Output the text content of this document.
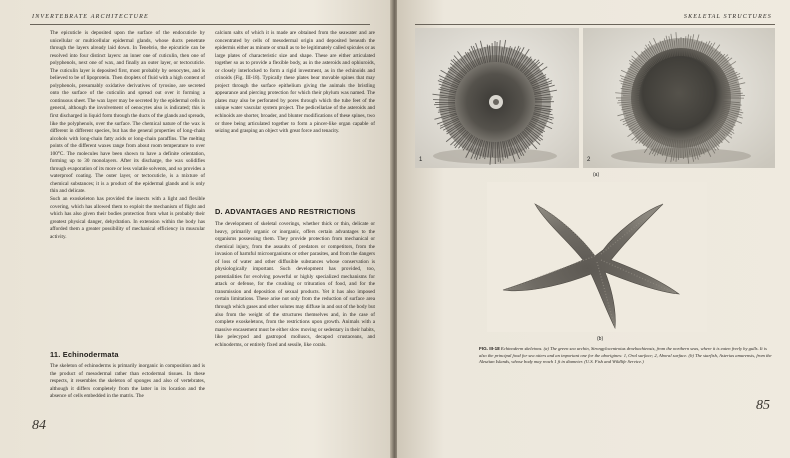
INVERTEBRATE ARCHITECTURE
The epicuticle is deposited upon the surface of the endocuticle by unicellular or multicellular epidermal glands, whose ducts penetrate through the layers already laid down. In Tenebrio, the epicuticle can be resolved into four distinct layers: an inner one of cuticulin, then one of polyphenols, next one of wax, and finally an outer layer, or tectocuticle. The cuticulin layer is deposited first, most probably by oenocytes, and is believed to be of lipoprotein. Then droplets of fluid with a high content of polyphenols, presumably oxidative derivatives of tyrosine, are secreted onto the surface of the cuticulin and spread out over it forming a continuous sheet. The wax layer may be secreted by the epidermal cells in general, although the involvement of oenocytes also is indicated; this is first discharged in liquid form through the ducts of the glands and spreads, like the polyphenols, over the surface. The chemical nature of the wax is different in different species, but has the general properties of long-chain alcohols with long-chain fatty acids or long-chain paraffins. The melting points of the different waxes range from about room temperature to over 100°C. The molecules have been shown to have a definite orientation, forming up to 30 monolayers. After its discharge, the wax solidifies through evaporation of its more or less volatile solvents, and so provides a waterproof coating. The outer layer, or tectocuticle, is a mixture of chemical substances; it is a product of the epidermal glands and is only thin and delicate.
Such an exoskeleton has provided the insects with a light and flexible covering, which has allowed them to exploit the mechanism of flight and which has also given their bodies protection from what is probably their greatest physical danger, dehydration. In extension within the body has afforded them a greater possibility of mechanical efficiency in muscular activity.
11. Echinodermata
The skeleton of echinoderms is primarily inorganic in composition and is the product of mesodermal rather than ectodermal tissues. In these respects, it resembles the skeleton of sponges and also of vertebrates, although it differs completely from the latter in its location and the absence of cells embedded in the matrix. The
calcium salts of which it is made are obtained from the seawater and are concentrated by cells of mesodermal origin and deposited beneath the epidermis either as minute or small as to be legitimately called spicules or as large plates of characteristic size and shape. These are either articulated together so as to provide a flexible body, as in the asteroids and ophiuroids, or closely interlocked to form a rigid investment, as in the echinoids and crinoids (Fig. III-18). Typically these plates bear movable spines that may project through the surface epithelium giving the animals the bristling appearance and piercing protection for which their phylum was named. The plates may also be perforated by pores through which the tube feet of the unique water vascular system project. The pedicellariae of the asteroids and echinoids are shorter, broader, and blunter modifications of these spines, two or three being articulated together to form a pincer-like organ capable of seizing and grasping an object with great force and tenacity.
D. ADVANTAGES AND RESTRICTIONS
The development of skeletal coverings, whether thick or thin, delicate or heavy, primarily organic or inorganic, offers certain advantages to the organisms possessing them. They provide protection from mechanical or chemical injury, from the assaults of predators or competitors, from the invasion of harmful microorganisms or other parasites, and from the dangers of loss of water and other diffusible substances whose conservation is physiologically important. Such development has provided, too, potentialities for evolving powerful or highly specialized mechanisms for attack or defense, for the crushing or trituration of food, and for the transmission and deposition of sexual products. Yet it has also imposed certain limitations. These arise not only from the reduction of surface area through which gases and other solutes may diffuse in and out of the body but also from the weight of the structures themselves and, in the case of complete exoskeletons, from the restrictions upon growth. Animals with a massive encasement must be either slow moving or sedentary in their habits, like pelecypod and gastropod molluscs, decapod crustaceans, and echinoderms, or entirely fixed and sessile, like corals.
84
SKELETAL STRUCTURES
1	2
(a)
(b)
FIG. III-18 Echinoderm skeletons. (a) The green sea urchin, Strongylocentrotus droebachiensis, from the northern seas, where it is eaten freely by gulls. It is also the principal food for sea otters and an important one for the aborigines: 1, Oral surface; 2, Aboral surface. (b) The starfish, Asterias amurensis, from the Aleutian Islands, whose body may reach 1 ft in diameter. (U.S. Fish and Wildlife Service.)
85
